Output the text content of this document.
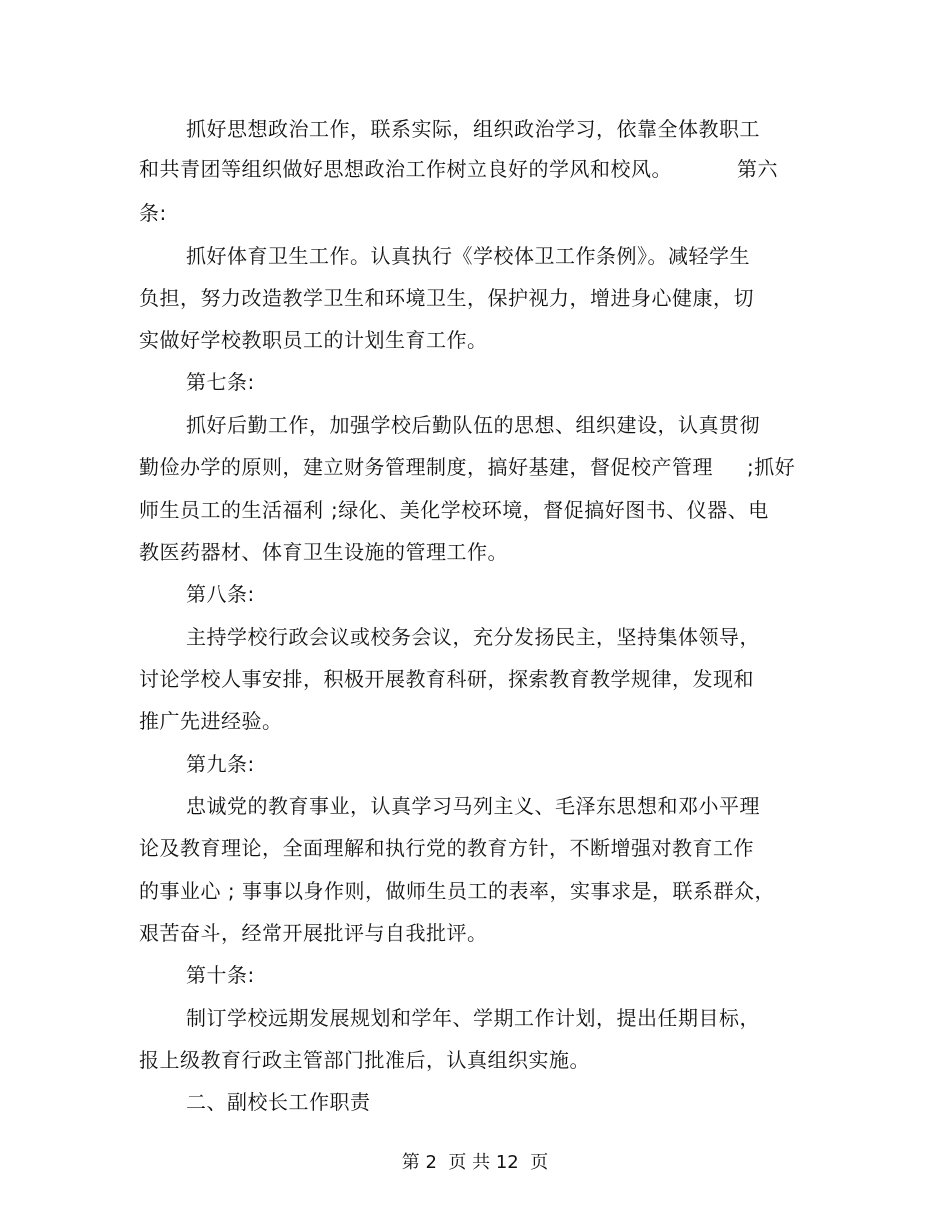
抓好思想政治工作，联系实际，组织政治学习，依靠全体教职工
和共青团等组织做好思想政治工作树立良好的学风和校风。	第六
条:
抓好体育卫生工作。认真执行《学校体卫工作条例》。减轻学生
负担，努力改造教学卫生和环境卫生，保护视力，增进身心健康，切
实做好学校教职员工的计划生育工作。
第七条:
抓好后勤工作，加强学校后勤队伍的思想、组织建设，认真贯彻
勤俭办学的原则，建立财务管理制度，搞好基建，督促校产管理 ;抓好
师生员工的生活福利 ;绿化、美化学校环境，督促搞好图书、仪器、电
教医药器材、体育卫生设施的管理工作。
第八条:
主持学校行政会议或校务会议，充分发扬民主，坚持集体领导，
讨论学校人事安排，积极开展教育科研，探索教育教学规律，发现和
推广先进经验。
第九条:
忠诚党的教育事业，认真学习马列主义、毛泽东思想和邓小平理
论及教育理论，全面理解和执行党的教育方针，不断增强对教育工作
的事业心 ; 事事以身作则，做师生员工的表率，实事求是，联系群众，
艰苦奋斗，经常开展批评与自我批评。
第十条:
制订学校远期发展规划和学年、学期工作计划，提出任期目标，
报上级教育行政主管部门批准后，认真组织实施。
二、副校长工作职责
第 2  页 共 12  页
